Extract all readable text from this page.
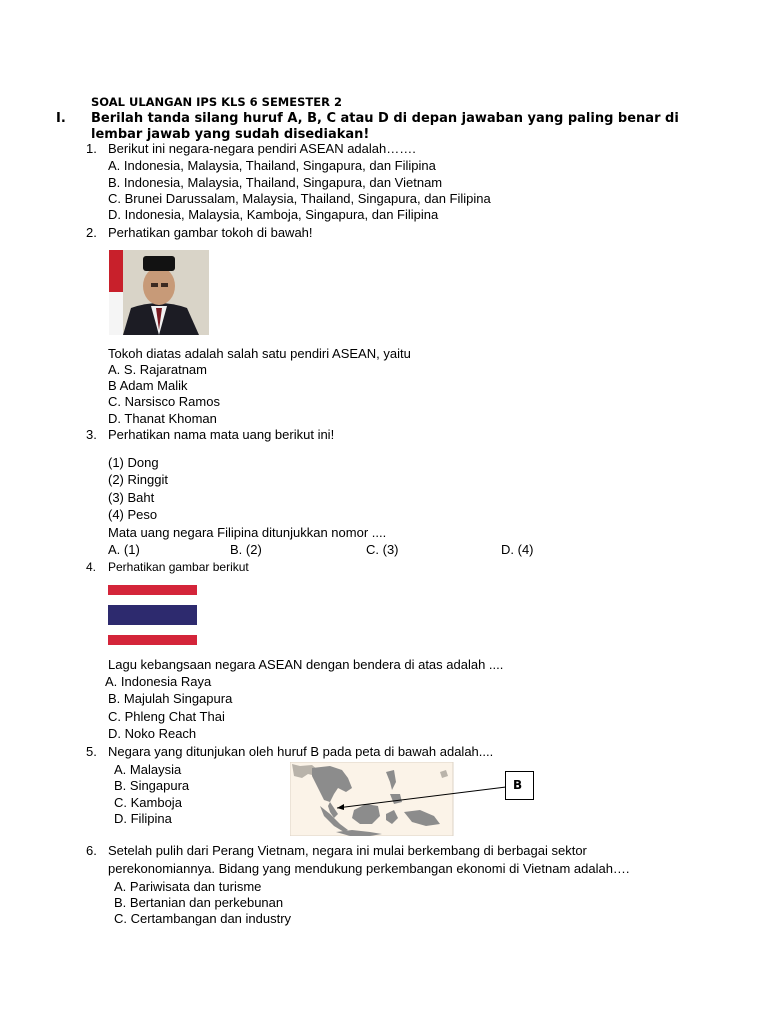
SOAL ULANGAN IPS KLS 6 SEMESTER 2
I. Berilah tanda silang huruf A, B, C atau D di depan jawaban yang paling benar di
lembar jawab yang sudah disediakan!
1. Berikut ini negara-negara pendiri ASEAN adalah…….
A. Indonesia, Malaysia, Thailand, Singapura, dan Filipina
B. Indonesia, Malaysia, Thailand, Singapura, dan Vietnam
C. Brunei Darussalam, Malaysia, Thailand, Singapura, dan Filipina
D. Indonesia, Malaysia, Kamboja, Singapura, dan Filipina
2. Perhatikan gambar tokoh di bawah!
Tokoh diatas adalah salah satu pendiri ASEAN, yaitu
A. S. Rajaratnam
B Adam Malik
C. Narsisco Ramos
D. Thanat Khoman
3. Perhatikan nama mata uang berikut ini!
(1) Dong
(2) Ringgit
(3) Baht
(4) Peso
Mata uang negara Filipina ditunjukkan nomor ....
A. (1)	B. (2)	C. (3)	D. (4)
4. Perhatikan gambar berikut
Lagu kebangsaan negara ASEAN dengan bendera di atas adalah ....
A. Indonesia Raya
B. Majulah Singapura
C. Phleng Chat Thai
D. Noko Reach
5. Negara yang ditunjukan oleh huruf B pada peta di bawah adalah....
A. Malaysia
B. Singapura
C. Kamboja
D. Filipina
B
6. Setelah pulih dari Perang Vietnam, negara ini mulai berkembang di berbagai sektor
perekonomiannya. Bidang yang mendukung perkembangan ekonomi di Vietnam adalah….
A. Pariwisata dan turisme
B. Bertanian dan perkebunan
C. Certambangan dan industry
